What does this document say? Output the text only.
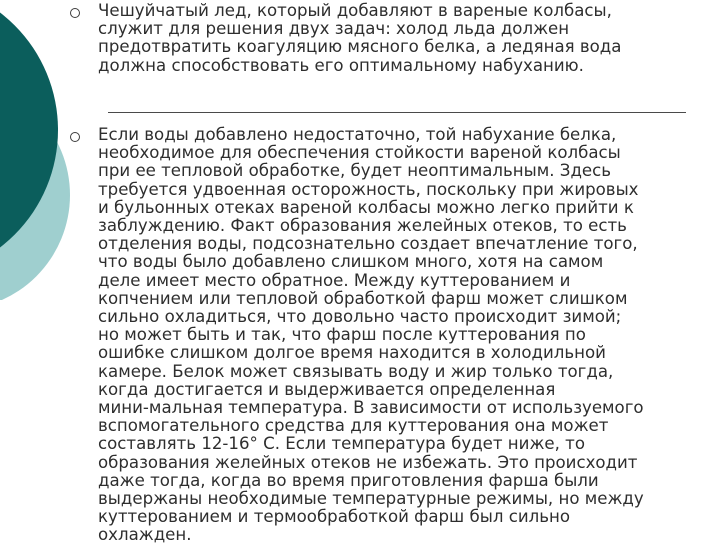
Чешуйчатый лед, который добавляют в вареные колбасы,
служит для решения двух задач: холод льда должен
предотвратить коагуляцию мясного белка, а ледяная вода
должна способствовать его оптимальному набуханию.

Если воды добавлено недостаточно, той набухание белка,
необходимое для обеспечения стойкости вареной колбасы
при ее тепловой обработке, будет неоптимальным. Здесь
требуется удвоенная осторожность, поскольку при жировых
и бульонных отеках вареной колбасы можно легко прийти к
заблуждению. Факт образования желейных отеков, то есть
отделения воды, подсознательно создает впечатление того,
что воды было добавлено слишком много, хотя на самом
деле имеет место обратное. Между куттерованием и
копчением или тепловой обработкой фарш может слишком
сильно охладиться, что довольно часто происходит зимой;
но может быть и так, что фарш после куттерования по
ошибке слишком долгое время находится в холодильной
камере. Белок может связывать воду и жир только тогда,
когда достигается и выдерживается определенная
мини-мальная температура. В зависимости от используемого
вспомогательного средства для куттерования она может
составлять 12-16° С. Если температура будет ниже, то
образования желейных отеков не избежать. Это происходит
даже тогда, когда во время приготовления фарша были
выдержаны необходимые температурные режимы, но между
куттерованием и термообработкой фарш был сильно
охлажден.
